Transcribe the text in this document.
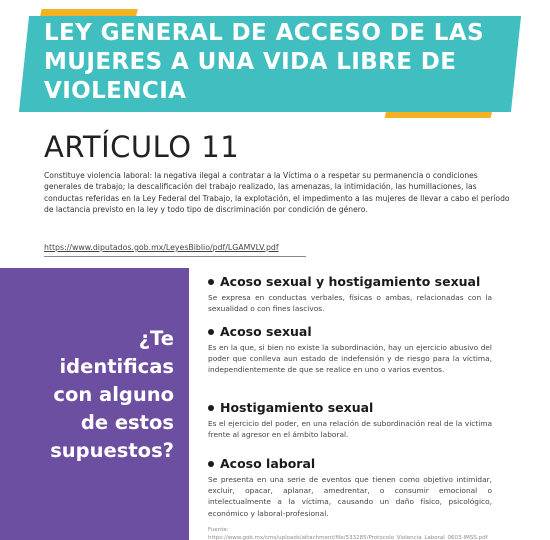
LEY GENERAL DE ACCESO DE LAS MUJERES A UNA VIDA LIBRE DE VIOLENCIA
ARTÍCULO 11

Constituye violencia laboral: la negativa ilegal a contratar a la Víctima o a respetar su permanencia o condiciones generales de trabajo; la descalificación del trabajo realizado, las amenazas, la intimidación, las humillaciones, las conductas referidas en la Ley Federal del Trabajo, la explotación, el impedimento a las mujeres de llevar a cabo el período de lactancia previsto en la ley y todo tipo de discriminación por condición de género.

https://www.diputados.gob.mx/LeyesBiblio/pdf/LGAMVLV.pdf
¿Te identificas con alguno de estos supuestos?
Acoso sexual y hostigamiento sexual

Se expresa en conductas verbales, físicas o ambas, relacionadas con la sexualidad o con fines lascivos.

Acoso sexual

Es en la que, si bien no existe la subordinación, hay un ejercicio abusivo del poder que conlleva aun estado de indefensión y de riesgo para la víctima, independientemente de que se realice en uno o varios eventos.

Hostigamiento sexual

Es el ejercicio del poder, en una relación de subordinación real de la víctima frente al agresor en el ámbito laboral.

Acoso laboral

Se presenta en una serie de eventos que tienen como objetivo intimidar, excluir, opacar, aplanar, amedrentar, o consumir emocional o intelectualmente a la víctima, causando un daño físico, psicológico, económico y laboral-profesional.

Fuente:
https://www.gob.mx/cms/uploads/attachment/file/533285/Protocolo_Violencia_Laboral_0603-IMSS.pdf
